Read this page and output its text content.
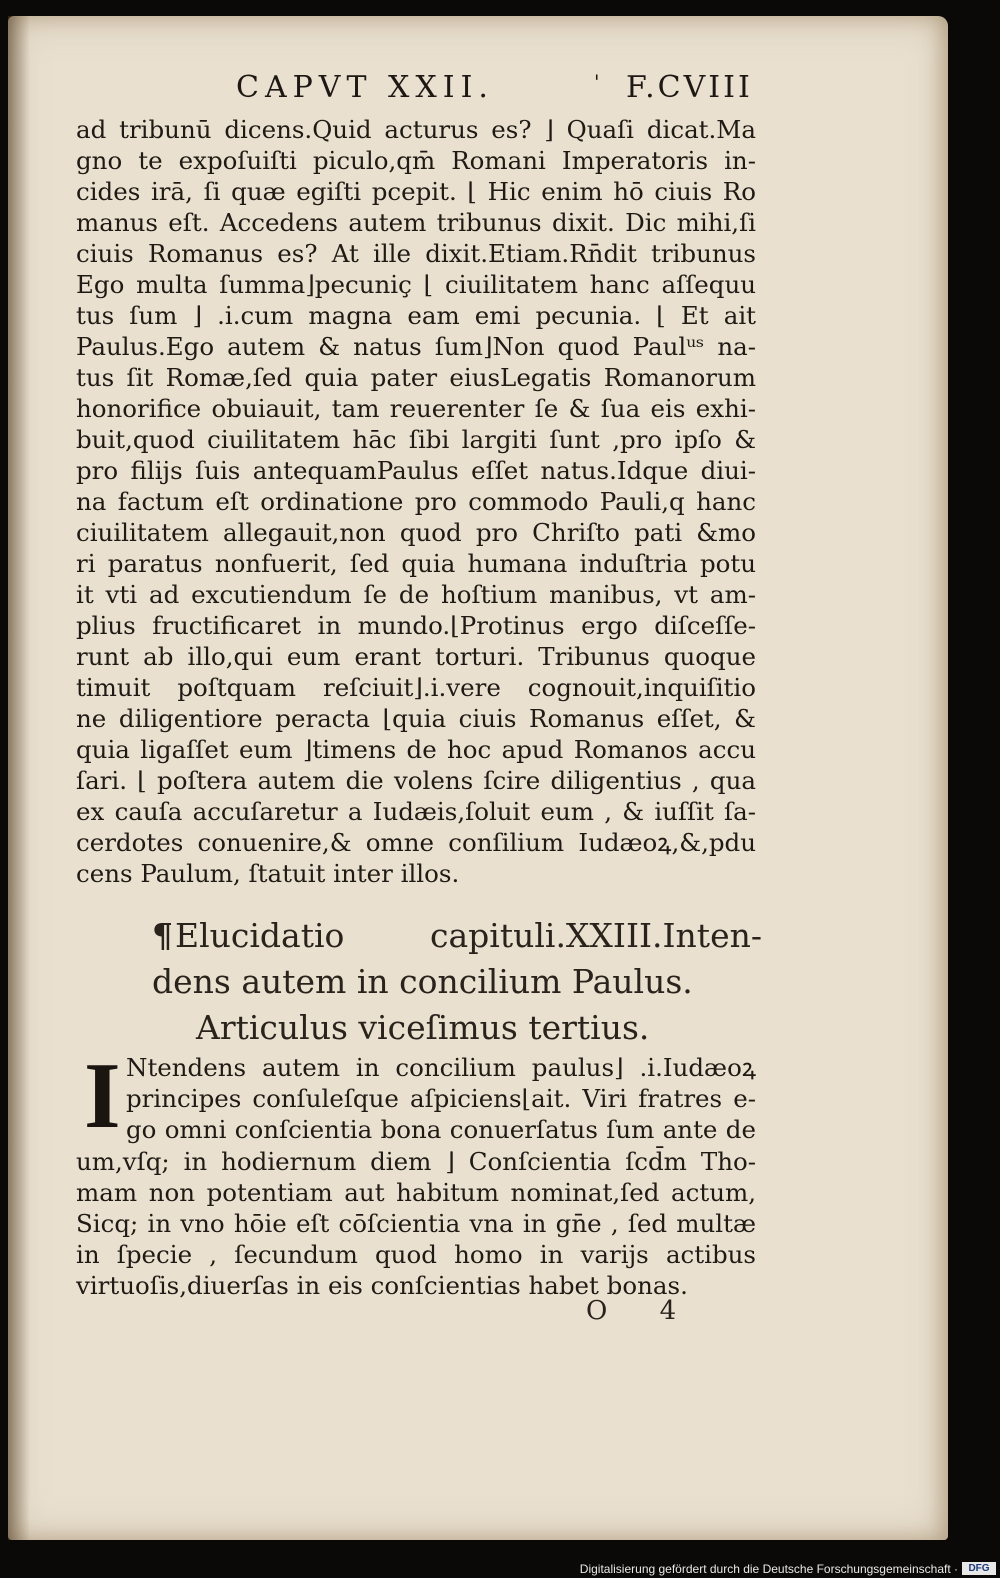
CAPVT XXII.	' F.CVIII
ad tribunū dicens.Quid acturus es? ⌋ Quaſi dicat.Ma
gno te expoſuiſti piculo,qm̄ Romani Imperatoris in-
cides irā, ſi quæ egiſti pcepit. ⌊ Hic enim hō ciuis Ro
manus eſt. Accedens autem tribunus dixit. Dic mihi,ſi
ciuis Romanus es? At ille dixit.Etiam.Rn̄dit tribunus
Ego multa ſumma⌋pecuniç ⌊ ciuilitatem hanc aſſequu
tus ſum ⌋ .i.cum magna eam emi pecunia. ⌊ Et ait
Paulus.Ego autem & natus ſum⌋Non quod Paulᵘˢ na-
tus ſit Romæ,ſed quia pater eiusLegatis Romanorum
honorifice obuiauit, tam reuerenter ſe & ſua eis exhi-
buit,quod ciuilitatem hāc ſibi largiti ſunt ,pro ipſo &
pro filijs ſuis antequamPaulus eſſet natus.Idque diui-
na factum eſt ordinatione pro commodo Pauli,q hanc
ciuilitatem allegauit,non quod pro Chriſto pati &mo
ri paratus nonfuerit, ſed quia humana induſtria potu
it vti ad excutiendum ſe de hoſtium manibus, vt am-
plius fructificaret in mundo.⌊Protinus ergo diſceſſe-
runt ab illo,qui eum erant torturi. Tribunus quoque
timuit poſtquam reſciuit⌋.i.vere cognouit,inquiſitio
ne diligentiore peracta ⌊quia ciuis Romanus eſſet, &
quia ligaſſet eum ⌋timens de hoc apud Romanos accu
ſari. ⌊ poſtera autem die volens ſcire diligentius , qua
ex cauſa accuſaretur a Iudæis,ſoluit eum , & iuſſit ſa-
cerdotes conuenire,& omne conſilium Iudæoꝝ,&,pdu
cens Paulum, ſtatuit inter illos.
¶Elucidatio capituli.XXIII.Inten-
dens autem in concilium Paulus.
Articulus viceſimus tertius.
I Ntendens autem in concilium paulus⌋ .i.Iudæoꝝ
principes conſuleſque aſpiciens⌊ait. Viri fratres e-
go omni conſcientia bona conuerſatus ſum ante de
um,vſq; in hodiernum diem ⌋ Conſcientia ſcd̄m Tho-
mam non potentiam aut habitum nominat,ſed actum,
Sicq; in vno hōie eſt cōſcientia vna in gn̄e , ſed multæ
in ſpecie , ſecundum quod homo in varijs actibus
virtuoſis,diuerſas in eis conſcientias habet bonas.
O 4
Digitalisierung gefördert durch die Deutsche Forschungsgemeinschaft ·	DFG
